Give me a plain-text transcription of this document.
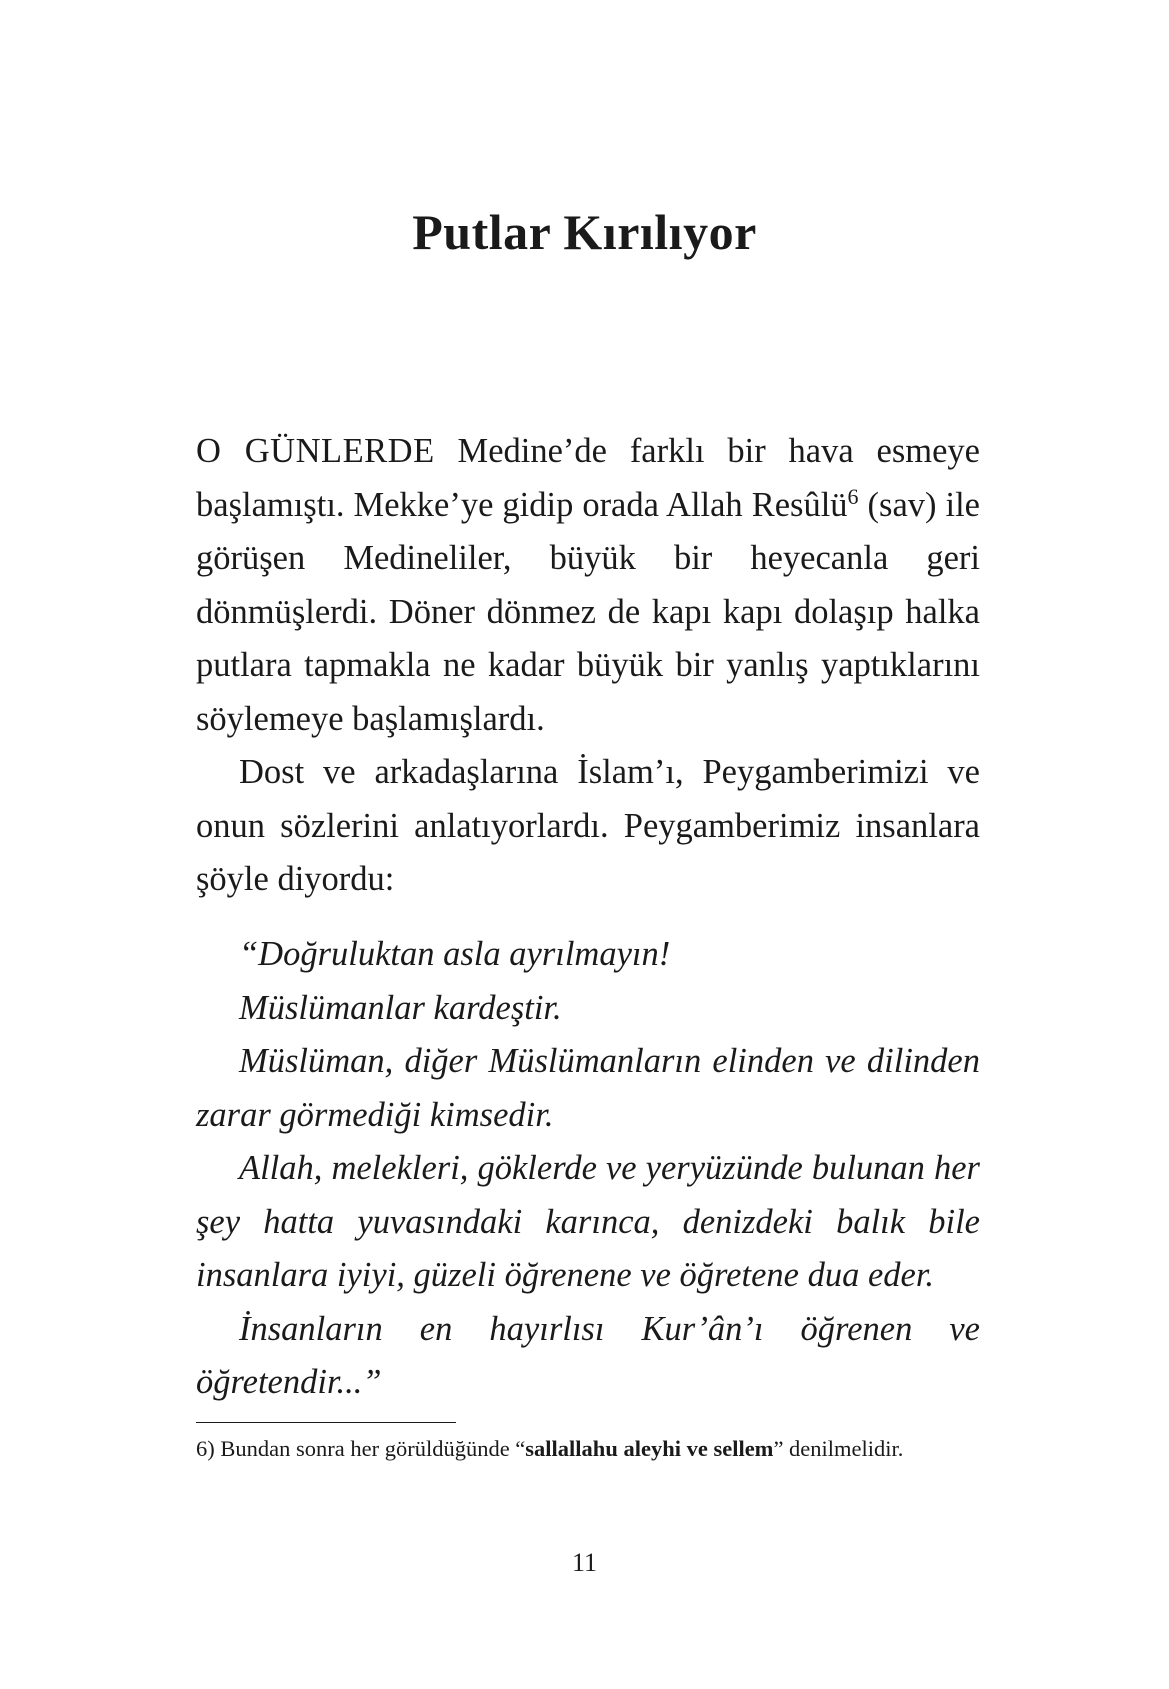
Putlar Kırılıyor

O GÜNLERDE Medine’de farklı bir hava esmeye başlamıştı. Mekke’ye gidip orada Allah Resûlü$^6$ (sav) ile görüşen Medineliler, büyük bir heyecanla geri dönmüşlerdi. Döner dönmez de kapı kapı dolaşıp halka putlara tapmakla ne kadar büyük bir yanlış yaptıklarını söylemeye başlamışlardı.

Dost ve arkadaşlarına İslam’ı, Peygamberimizi ve onun sözlerini anlatıyorlardı. Peygamberimiz insanlara şöyle diyordu:

“Doğruluktan asla ayrılmayın!

Müslümanlar kardeştir.

Müslüman, diğer Müslümanların elinden ve dilinden zarar görmediği kimsedir.

Allah, melekleri, göklerde ve yeryüzünde bulunan her şey hatta yuvasındaki karınca, denizdeki balık bile insanlara iyiyi, güzeli öğrenene ve öğretene dua eder.

İnsanların en hayırlısı Kur’ân’ı öğrenen ve öğretendir...”

6) Bundan sonra her görüldüğünde “sallallahu aleyhi ve sellem” denilmelidir.
11
